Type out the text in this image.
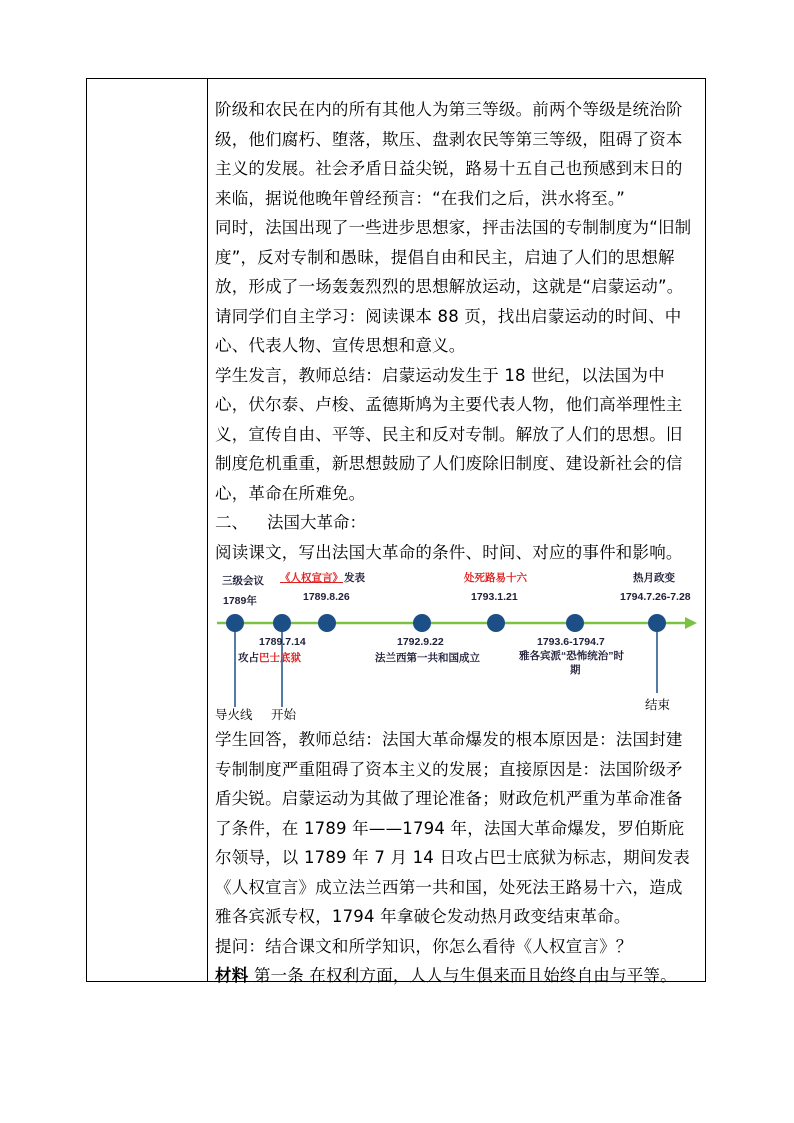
阶级和农民在内的所有其他人为第三等级。前两个等级是统治阶级，他们腐朽、堕落，欺压、盘剥农民等第三等级，阻碍了资本主义的发展。社会矛盾日益尖锐，路易十五自己也预感到末日的来临，据说他晚年曾经预言：“在我们之后，洪水将至。”

同时，法国出现了一些进步思想家，抨击法国的专制制度为“旧制度”，反对专制和愚昧，提倡自由和民主，启迪了人们的思想解放，形成了一场轰轰烈烈的思想解放运动，这就是“启蒙运动”。

请同学们自主学习：阅读课本 88 页，找出启蒙运动的时间、中心、代表人物、宣传思想和意义。

学生发言，教师总结：启蒙运动发生于 18 世纪，以法国为中心，伏尔泰、卢梭、孟德斯鸠为主要代表人物，他们高举理性主义，宣传自由、平等、民主和反对专制。解放了人们的思想。旧制度危机重重，新思想鼓励了人们废除旧制度、建设新社会的信心，革命在所难免。

二、 法国大革命：

阅读课文，写出法国大革命的条件、时间、对应的事件和影响。

三级会议 《人权宣言》 发表	处死路易十六	热月政变
1789年	1789.8.26	1793.1.21	1794.7.26-7.28
1789.7.14	1792.9.22	1793.6-1794.7
攻占巴士底狱	法兰西第一共和国成立	雅各宾派“恐怖统治”时
期
导火线 开始
结束

学生回答，教师总结：法国大革命爆发的根本原因是：法国封建专制制度严重阻碍了资本主义的发展；直接原因是：法国阶级矛盾尖锐。启蒙运动为其做了理论准备；财政危机严重为革命准备了条件，在 1789 年——1794 年，法国大革命爆发，罗伯斯庇尔领导，以 1789 年 7 月 14 日攻占巴士底狱为标志，期间发表《人权宣言》成立法兰西第一共和国，处死法王路易十六，造成雅各宾派专权，1794 年拿破仑发动热月政变结束革命。

提问：结合课文和所学知识，你怎么看待《人权宣言》？

材料 第一条 在权利方面，人人与生俱来而且始终自由与平等。
